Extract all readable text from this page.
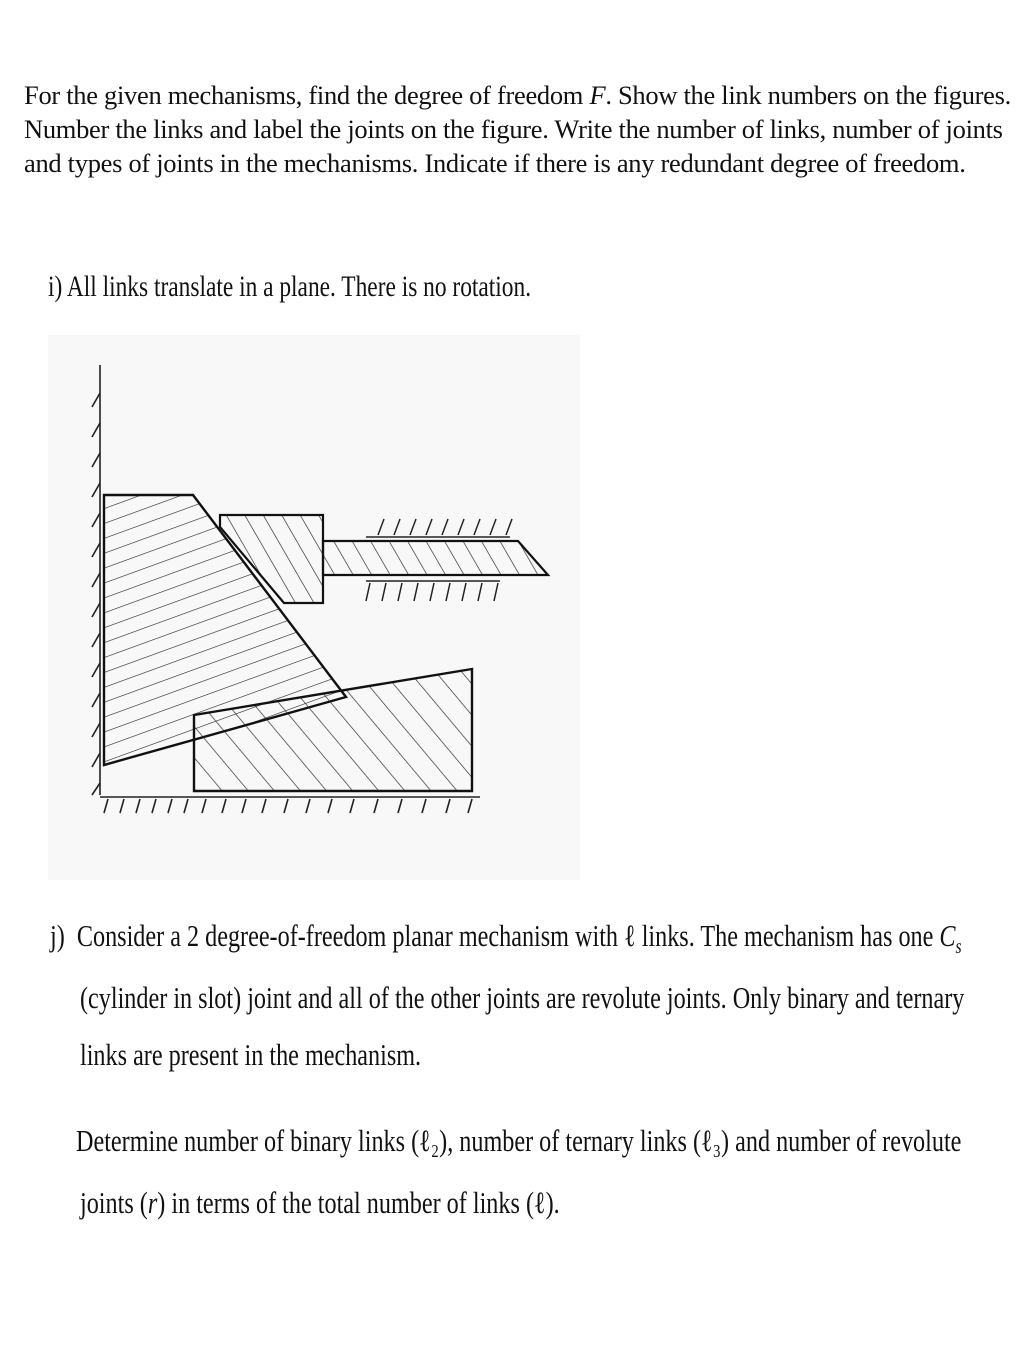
For the given mechanisms, find the degree of freedom F. Show the link numbers on the figures.

Number the links and label the joints on the figure. Write the number of links, number of joints

and types of joints in the mechanisms. Indicate if there is any redundant degree of freedom.

i) All links translate in a plane. There is no rotation.
j) Consider a 2 degree-of-freedom planar mechanism with ℓ links. The mechanism has one $C_s$
(cylinder in slot) joint and all of the other joints are revolute joints. Only binary and ternary
links are present in the mechanism.
Determine number of binary links (ℓ₂), number of ternary links (ℓ₃) and number of revolute
joints (r) in terms of the total number of links (ℓ).
